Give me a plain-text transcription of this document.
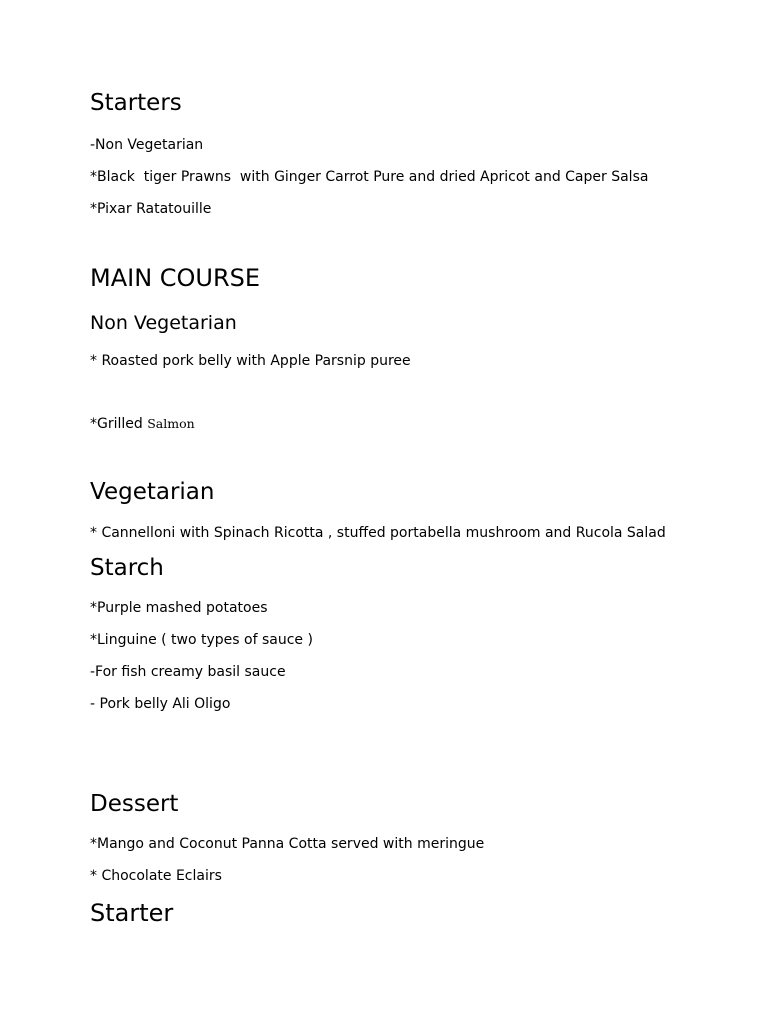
Starters

-Non Vegetarian

*Black  tiger Prawns  with Ginger Carrot Pure and dried Apricot and Caper Salsa

*Pixar Ratatouille

MAIN COURSE
Non Vegetarian

* Roasted pork belly with Apple Parsnip puree

*Grilled Salmon

Vegetarian

* Cannelloni with Spinach Ricotta , stuffed portabella mushroom and Rucola Salad

Starch

*Purple mashed potatoes

*Linguine ( two types of sauce )

-For fish creamy basil sauce

- Pork belly Ali Oligo

Dessert

*Mango and Coconut Panna Cotta served with meringue

* Chocolate Eclairs

Starter
